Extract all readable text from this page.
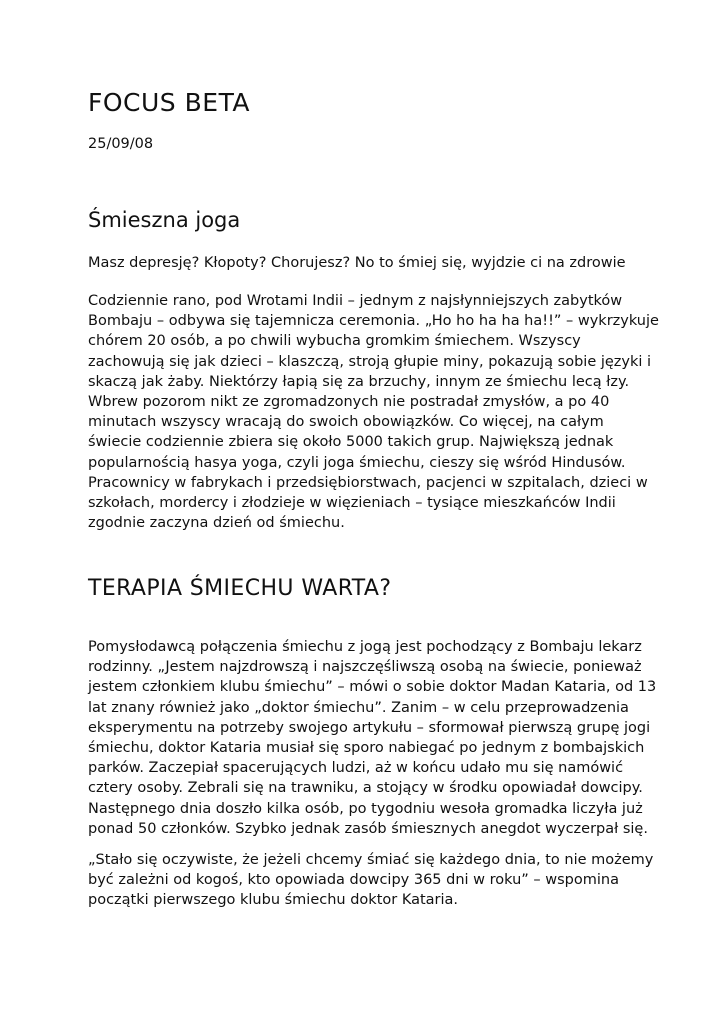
FOCUS BETA

25/09/08

Śmieszna joga

Masz depresję? Kłopoty? Chorujesz? No to śmiej się, wyjdzie ci na zdrowie

Codziennie rano, pod Wrotami Indii – jednym z najsłynniejszych zabytków
Bombaju – odbywa się tajemnicza ceremonia. „Ho ho ha ha ha!!” – wykrzykuje
chórem 20 osób, a po chwili wybucha gromkim śmiechem. Wszyscy
zachowują się jak dzieci – klaszczą, stroją głupie miny, pokazują sobie języki i
skaczą jak żaby. Niektórzy łapią się za brzuchy, innym ze śmiechu lecą łzy.
Wbrew pozorom nikt ze zgromadzonych nie postradał zmysłów, a po 40
minutach wszyscy wracają do swoich obowiązków. Co więcej, na całym
świecie codziennie zbiera się około 5000 takich grup. Największą jednak
popularnością hasya yoga, czyli joga śmiechu, cieszy się wśród Hindusów.
Pracownicy w fabrykach i przedsiębiorstwach, pacjenci w szpitalach, dzieci w
szkołach, mordercy i złodzieje w więzieniach – tysiące mieszkańców Indii
zgodnie zaczyna dzień od śmiechu.

TERAPIA ŚMIECHU WARTA?

Pomysłodawcą połączenia śmiechu z jogą jest pochodzący z Bombaju lekarz
rodzinny. „Jestem najzdrowszą i najszczęśliwszą osobą na świecie, ponieważ
jestem członkiem klubu śmiechu” – mówi o sobie doktor Madan Kataria, od 13
lat znany również jako „doktor śmiechu”. Zanim – w celu przeprowadzenia
eksperymentu na potrzeby swojego artykułu – sformował pierwszą grupę jogi
śmiechu, doktor Kataria musiał się sporo nabiegać po jednym z bombajskich
parków. Zaczepiał spacerujących ludzi, aż w końcu udało mu się namówić
cztery osoby. Zebrali się na trawniku, a stojący w środku opowiadał dowcipy.
Następnego dnia doszło kilka osób, po tygodniu wesoła gromadka liczyła już
ponad 50 członków. Szybko jednak zasób śmiesznych anegdot wyczerpał się.

„Stało się oczywiste, że jeżeli chcemy śmiać się każdego dnia, to nie możemy
być zależni od kogoś, kto opowiada dowcipy 365 dni w roku” – wspomina
początki pierwszego klubu śmiechu doktor Kataria.
